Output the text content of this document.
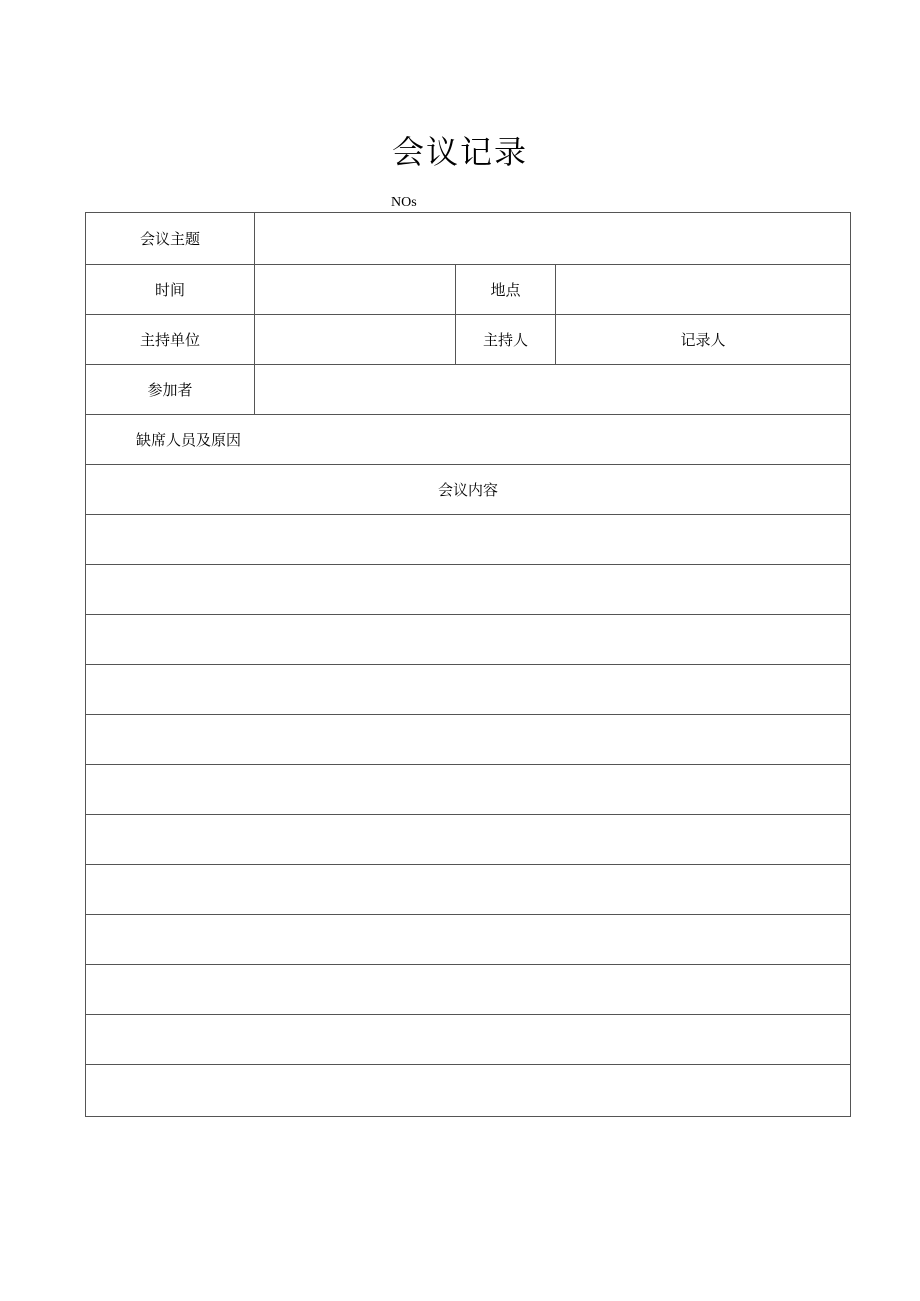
会议记录
NOs
会议主题			
时间		地点	
主持单位		主持人	记录人
参加者			
缺席人员及原因			
会议内容			
